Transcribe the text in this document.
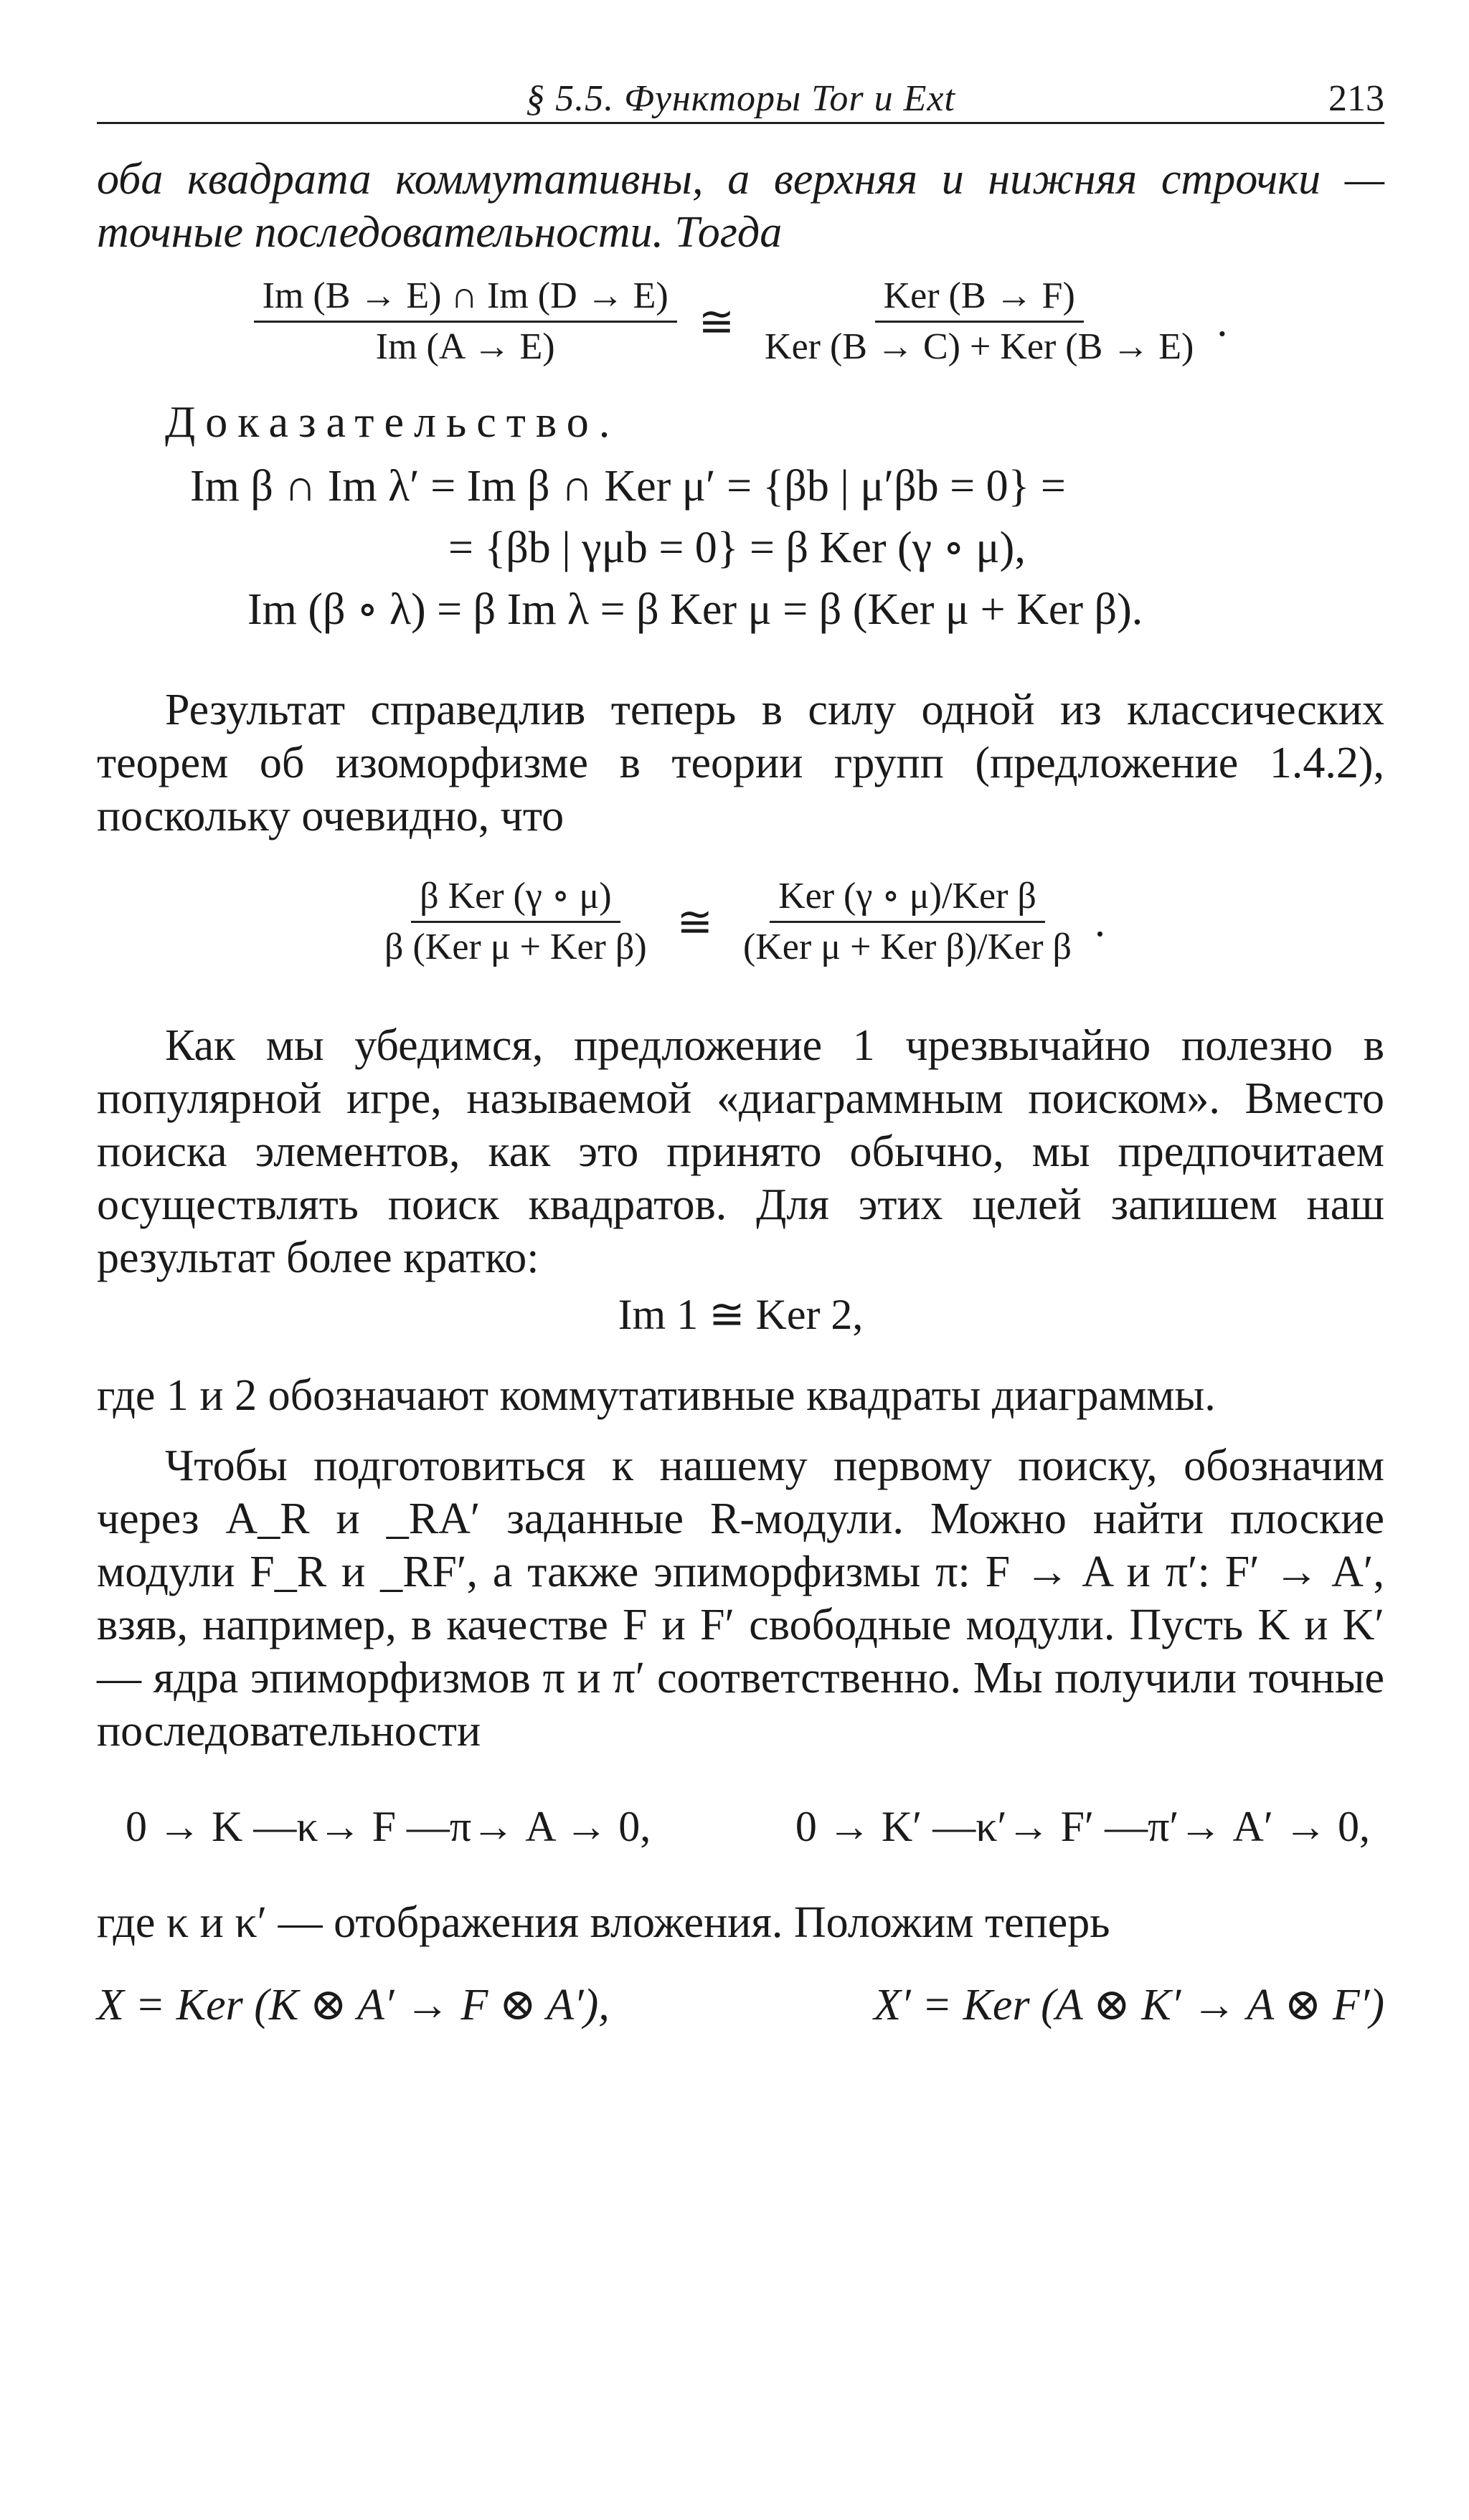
§ 5.5. Функторы Tor и Ext	213

оба квадрата коммутативны, а верхняя и нижняя строчки — точные последовательности. Тогда

$\frac{Im (B \to E) \cap Im (D \to E)}{Im (A \to E)}$ ≅ $\frac{\text{Ker (B → F)}}{\text{Ker (B → C) + Ker (B → E)}}$ .

Доказательство.

Im β ∩ Im λ′ = Im β ∩ Ker μ′ = {βb | μ′βb = 0} =
= {βb | γμb = 0} = β Ker (γ ∘ μ),
Im (β ∘ λ) = β Im λ = β Ker μ = β (Ker μ + Ker β).

Результат справедлив теперь в силу одной из классических теорем об изоморфизме в теории групп (предложение 1.4.2), поскольку очевидно, что

$\frac{\text{β Ker (γ ∘ μ)}}{\text{β (Ker μ + Ker β)}}$ ≅ $\frac{\text{Ker (γ ∘ μ)/Ker β}}{\text{(Ker μ + Ker β)/Ker β}}$ .

Как мы убедимся, предложение 1 чрезвычайно полезно в популярной игре, называемой «диаграммным поиском». Вместо поиска элементов, как это принято обычно, мы предпочитаем осуществлять поиск квадратов. Для этих целей запишем наш результат более кратко:

Im 1 ≅ Ker 2,

где 1 и 2 обозначают коммутативные квадраты диаграммы.

Чтобы подготовиться к нашему первому поиску, обозначим через A_R и _RA′ заданные R-модули. Можно найти плоские модули F_R и _RF′, а также эпиморфизмы π: F → A и π′: F′ → A′, взяв, например, в качестве F и F′ свободные модули. Пусть K и K′ — ядра эпиморфизмов π и π′ соответственно. Мы получили точные последовательности

0 → K —κ→ F —π→ A → 0,	0 → K′ —κ′→ F′ —π′→ A′ → 0,

где κ и κ′ — отображения вложения. Положим теперь

X = Ker (K ⊗ A′ → F ⊗ A′),	X′ = Ker (A ⊗ K′ → A ⊗ F′)
